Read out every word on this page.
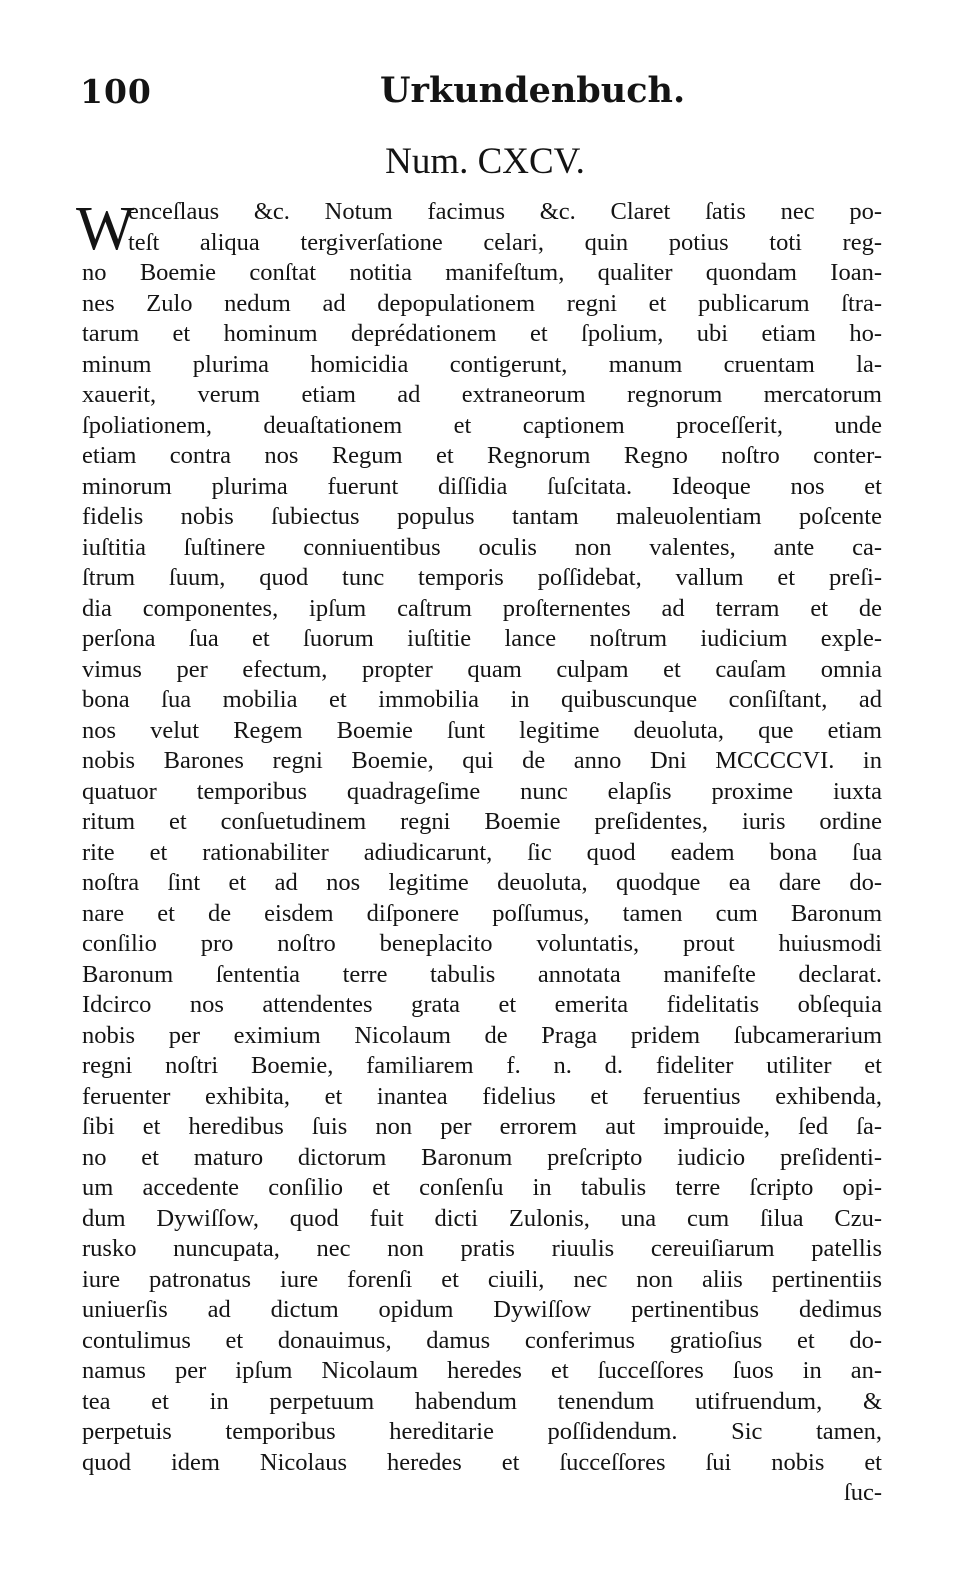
100	Urkundenbuch.
Num. CXCV.
W
enceſlaus &c. Notum facimus &c. Claret ſatis nec po-
teſt aliqua tergiverſatione celari, quin potius toti reg-
no Boemie conſtat notitia manifeſtum, qualiter quondam Ioan-
nes Zulo nedum ad depopulationem regni et publicarum ſtra-
tarum et hominum deprédationem et ſpolium, ubi etiam ho-
minum plurima homicidia contigerunt, manum cruentam la-
xauerit, verum etiam ad extraneorum regnorum mercatorum
ſpoliationem, deuaſtationem et captionem proceſſerit, unde
etiam contra nos Regum et Regnorum Regno noſtro conter-
minorum plurima fuerunt diſſidia ſuſcitata. Ideoque nos et
fidelis nobis ſubiectus populus tantam maleuolentiam poſcente
iuſtitia ſuſtinere conniuentibus oculis non valentes, ante ca-
ſtrum ſuum, quod tunc temporis poſſidebat, vallum et preſi-
dia componentes, ipſum caſtrum proſternentes ad terram et de
perſona ſua et ſuorum iuſtitie lance noſtrum iudicium exple-
vimus per efectum, propter quam culpam et cauſam omnia
bona ſua mobilia et immobilia in quibuscunque conſiſtant, ad
nos velut Regem Boemie ſunt legitime deuoluta, que etiam
nobis Barones regni Boemie, qui de anno Dni MCCCCVI. in
quatuor temporibus quadrageſime nunc elapſis proxime iuxta
ritum et conſuetudinem regni Boemie preſidentes, iuris ordine
rite et rationabiliter adiudicarunt, ſic quod eadem bona ſua
noſtra ſint et ad nos legitime deuoluta, quodque ea dare do-
nare et de eisdem diſponere poſſumus, tamen cum Baronum
conſilio pro noſtro beneplacito voluntatis, prout huiusmodi
Baronum ſententia terre tabulis annotata manifeſte declarat.
Idcirco nos attendentes grata et emerita fidelitatis obſequia
nobis per eximium Nicolaum de Praga pridem ſubcamerarium
regni noſtri Boemie, familiarem f. n. d. fideliter utiliter et
feruenter exhibita, et inantea fidelius et feruentius exhibenda,
ſibi et heredibus ſuis non per errorem aut improuide, ſed ſa-
no et maturo dictorum Baronum preſcripto iudicio preſidenti-
um accedente conſilio et conſenſu in tabulis terre ſcripto opi-
dum Dywiſſow, quod fuit dicti Zulonis, una cum ſilua Czu-
rusko nuncupata, nec non pratis riuulis cereuiſiarum patellis
iure patronatus iure forenſi et ciuili, nec non aliis pertinentiis
uniuerſis ad dictum opidum Dywiſſow pertinentibus dedimus
contulimus et donauimus, damus conferimus gratioſius et do-
namus per ipſum Nicolaum heredes et ſucceſſores ſuos in an-
tea et in perpetuum habendum tenendum utifruendum, &
perpetuis temporibus hereditarie poſſidendum. Sic tamen,
quod idem Nicolaus heredes et ſucceſſores ſui nobis et
ſuc-
